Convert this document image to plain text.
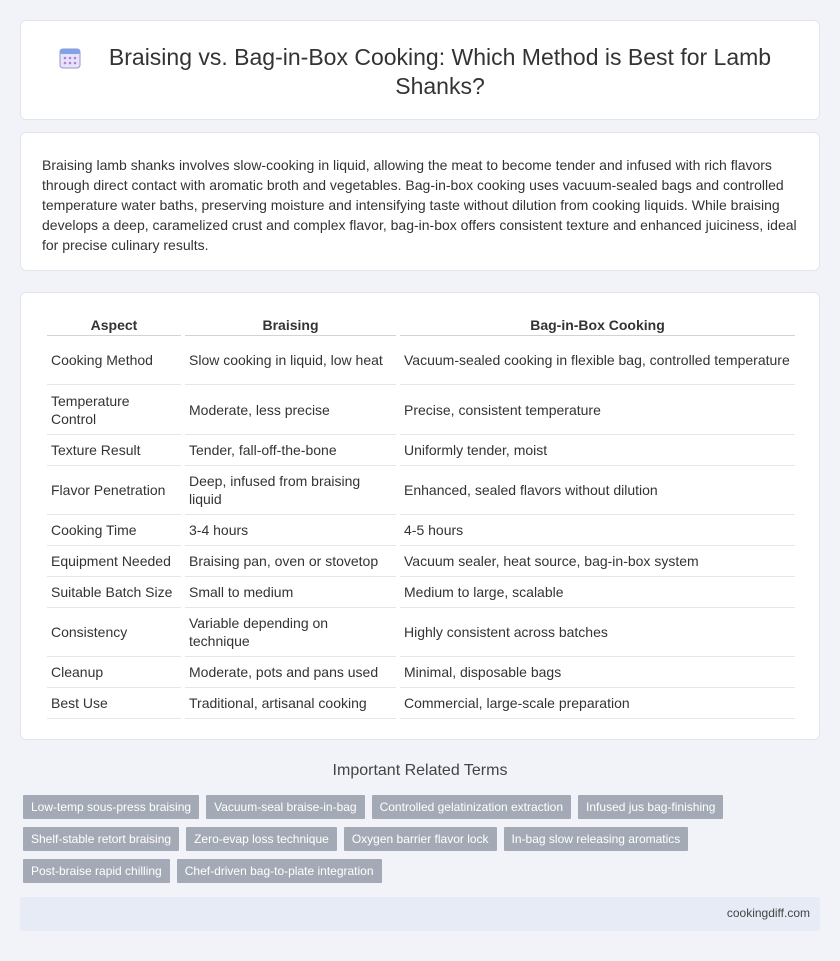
Braising vs. Bag-in-Box Cooking: Which Method is Best for Lamb Shanks?

Braising lamb shanks involves slow-cooking in liquid, allowing the meat to become tender and infused with rich flavors through direct contact with aromatic broth and vegetables. Bag-in-box cooking uses vacuum-sealed bags and controlled temperature water baths, preserving moisture and intensifying taste without dilution from cooking liquids. While braising develops a deep, caramelized crust and complex flavor, bag-in-box offers consistent texture and enhanced juiciness, ideal for precise culinary results.

Aspect	Braising	Bag-in-Box Cooking
Cooking Method	Slow cooking in liquid, low heat	Vacuum-sealed cooking in flexible bag, controlled temperature
Temperature Control	Moderate, less precise	Precise, consistent temperature
Texture Result	Tender, fall-off-the-bone	Uniformly tender, moist
Flavor Penetration	Deep, infused from braising liquid	Enhanced, sealed flavors without dilution
Cooking Time	3-4 hours	4-5 hours
Equipment Needed	Braising pan, oven or stovetop	Vacuum sealer, heat source, bag-in-box system
Suitable Batch Size	Small to medium	Medium to large, scalable
Consistency	Variable depending on technique	Highly consistent across batches
Cleanup	Moderate, pots and pans used	Minimal, disposable bags
Best Use	Traditional, artisanal cooking	Commercial, large-scale preparation
Important Related Terms
Low-temp sous-press braising	Vacuum-seal braise-in-bag	Controlled gelatinization extraction	Infused jus bag-finishing
Shelf-stable retort braising	Zero-evap loss technique	Oxygen barrier flavor lock	In-bag slow releasing aromatics
Post-braise rapid chilling	Chef-driven bag-to-plate integration
cookingdiff.com
